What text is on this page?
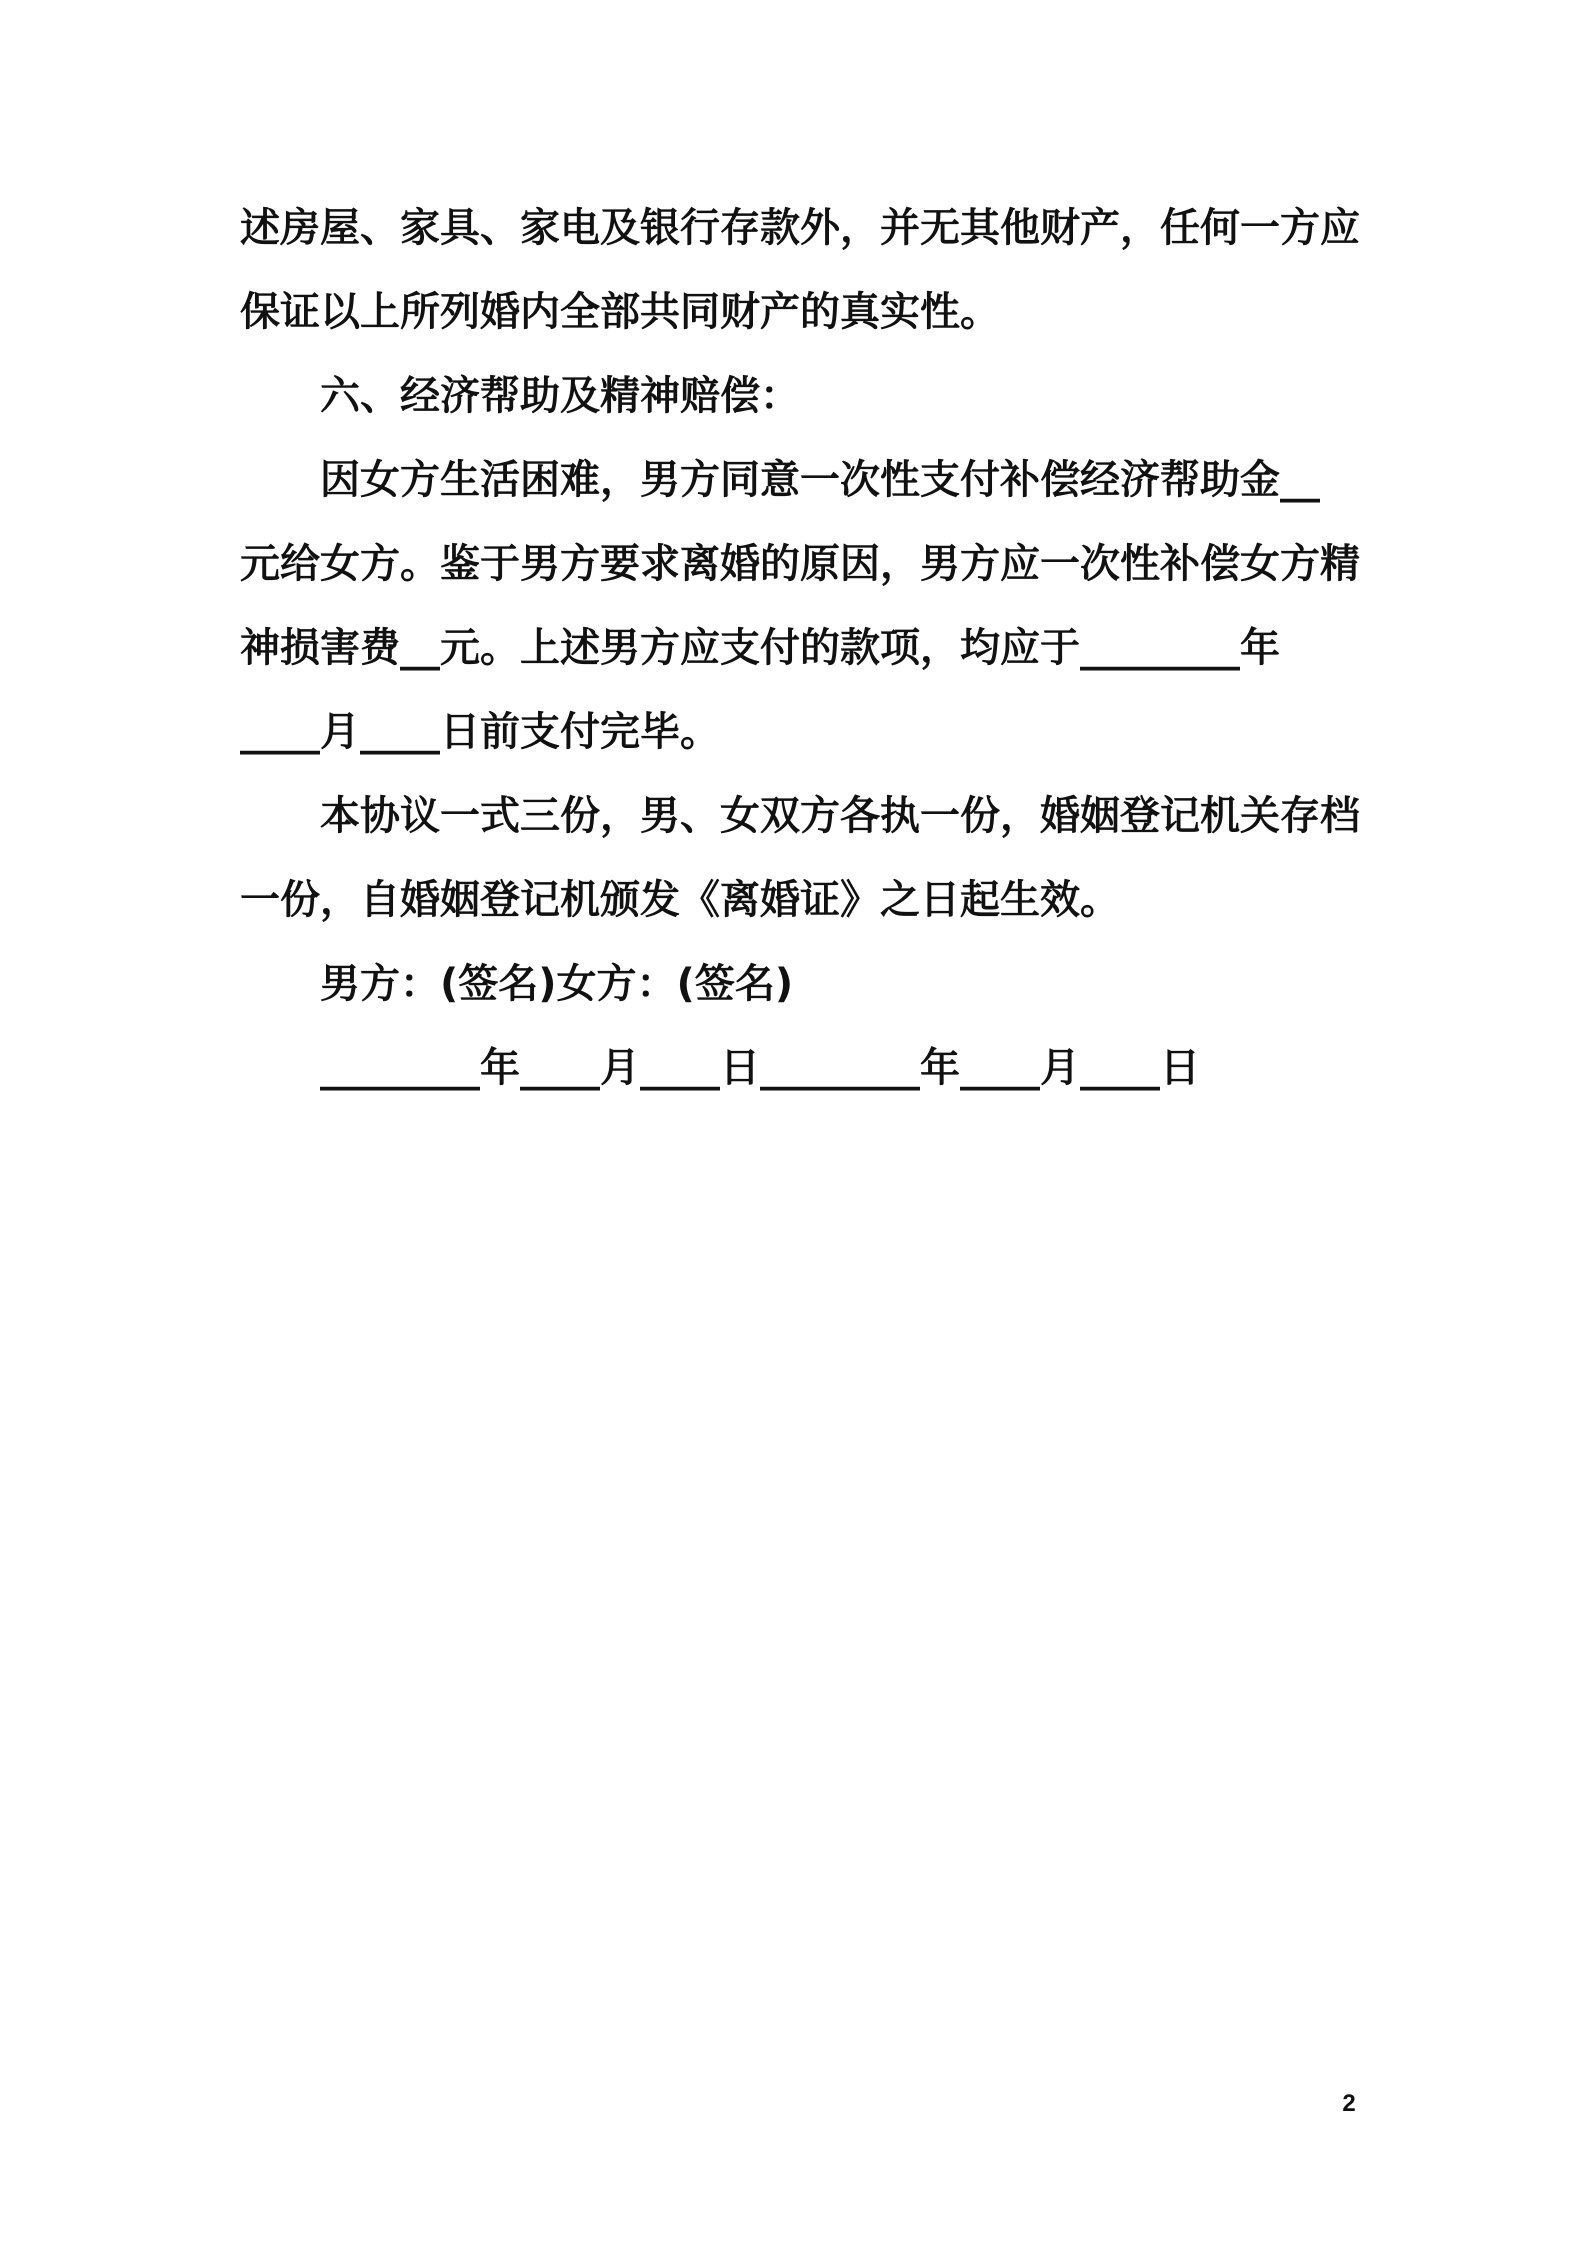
述房屋、家具、家电及银行存款外，并无其他财产，任何一方应
保证以上所列婚内全部共同财产的真实性。
六、经济帮助及精神赔偿：
因女方生活困难，男方同意一次性支付补偿经济帮助金__
元给女方。鉴于男方要求离婚的原因，男方应一次性补偿女方精
神损害费__元。上述男方应支付的款项，均应于________年
____月____日前支付完毕。
本协议一式三份，男、女双方各执一份，婚姻登记机关存档
一份，自婚姻登记机颁发《离婚证》之日起生效。
男方：(签名)女方：(签名)
________年____月____日________年____月____日
2
